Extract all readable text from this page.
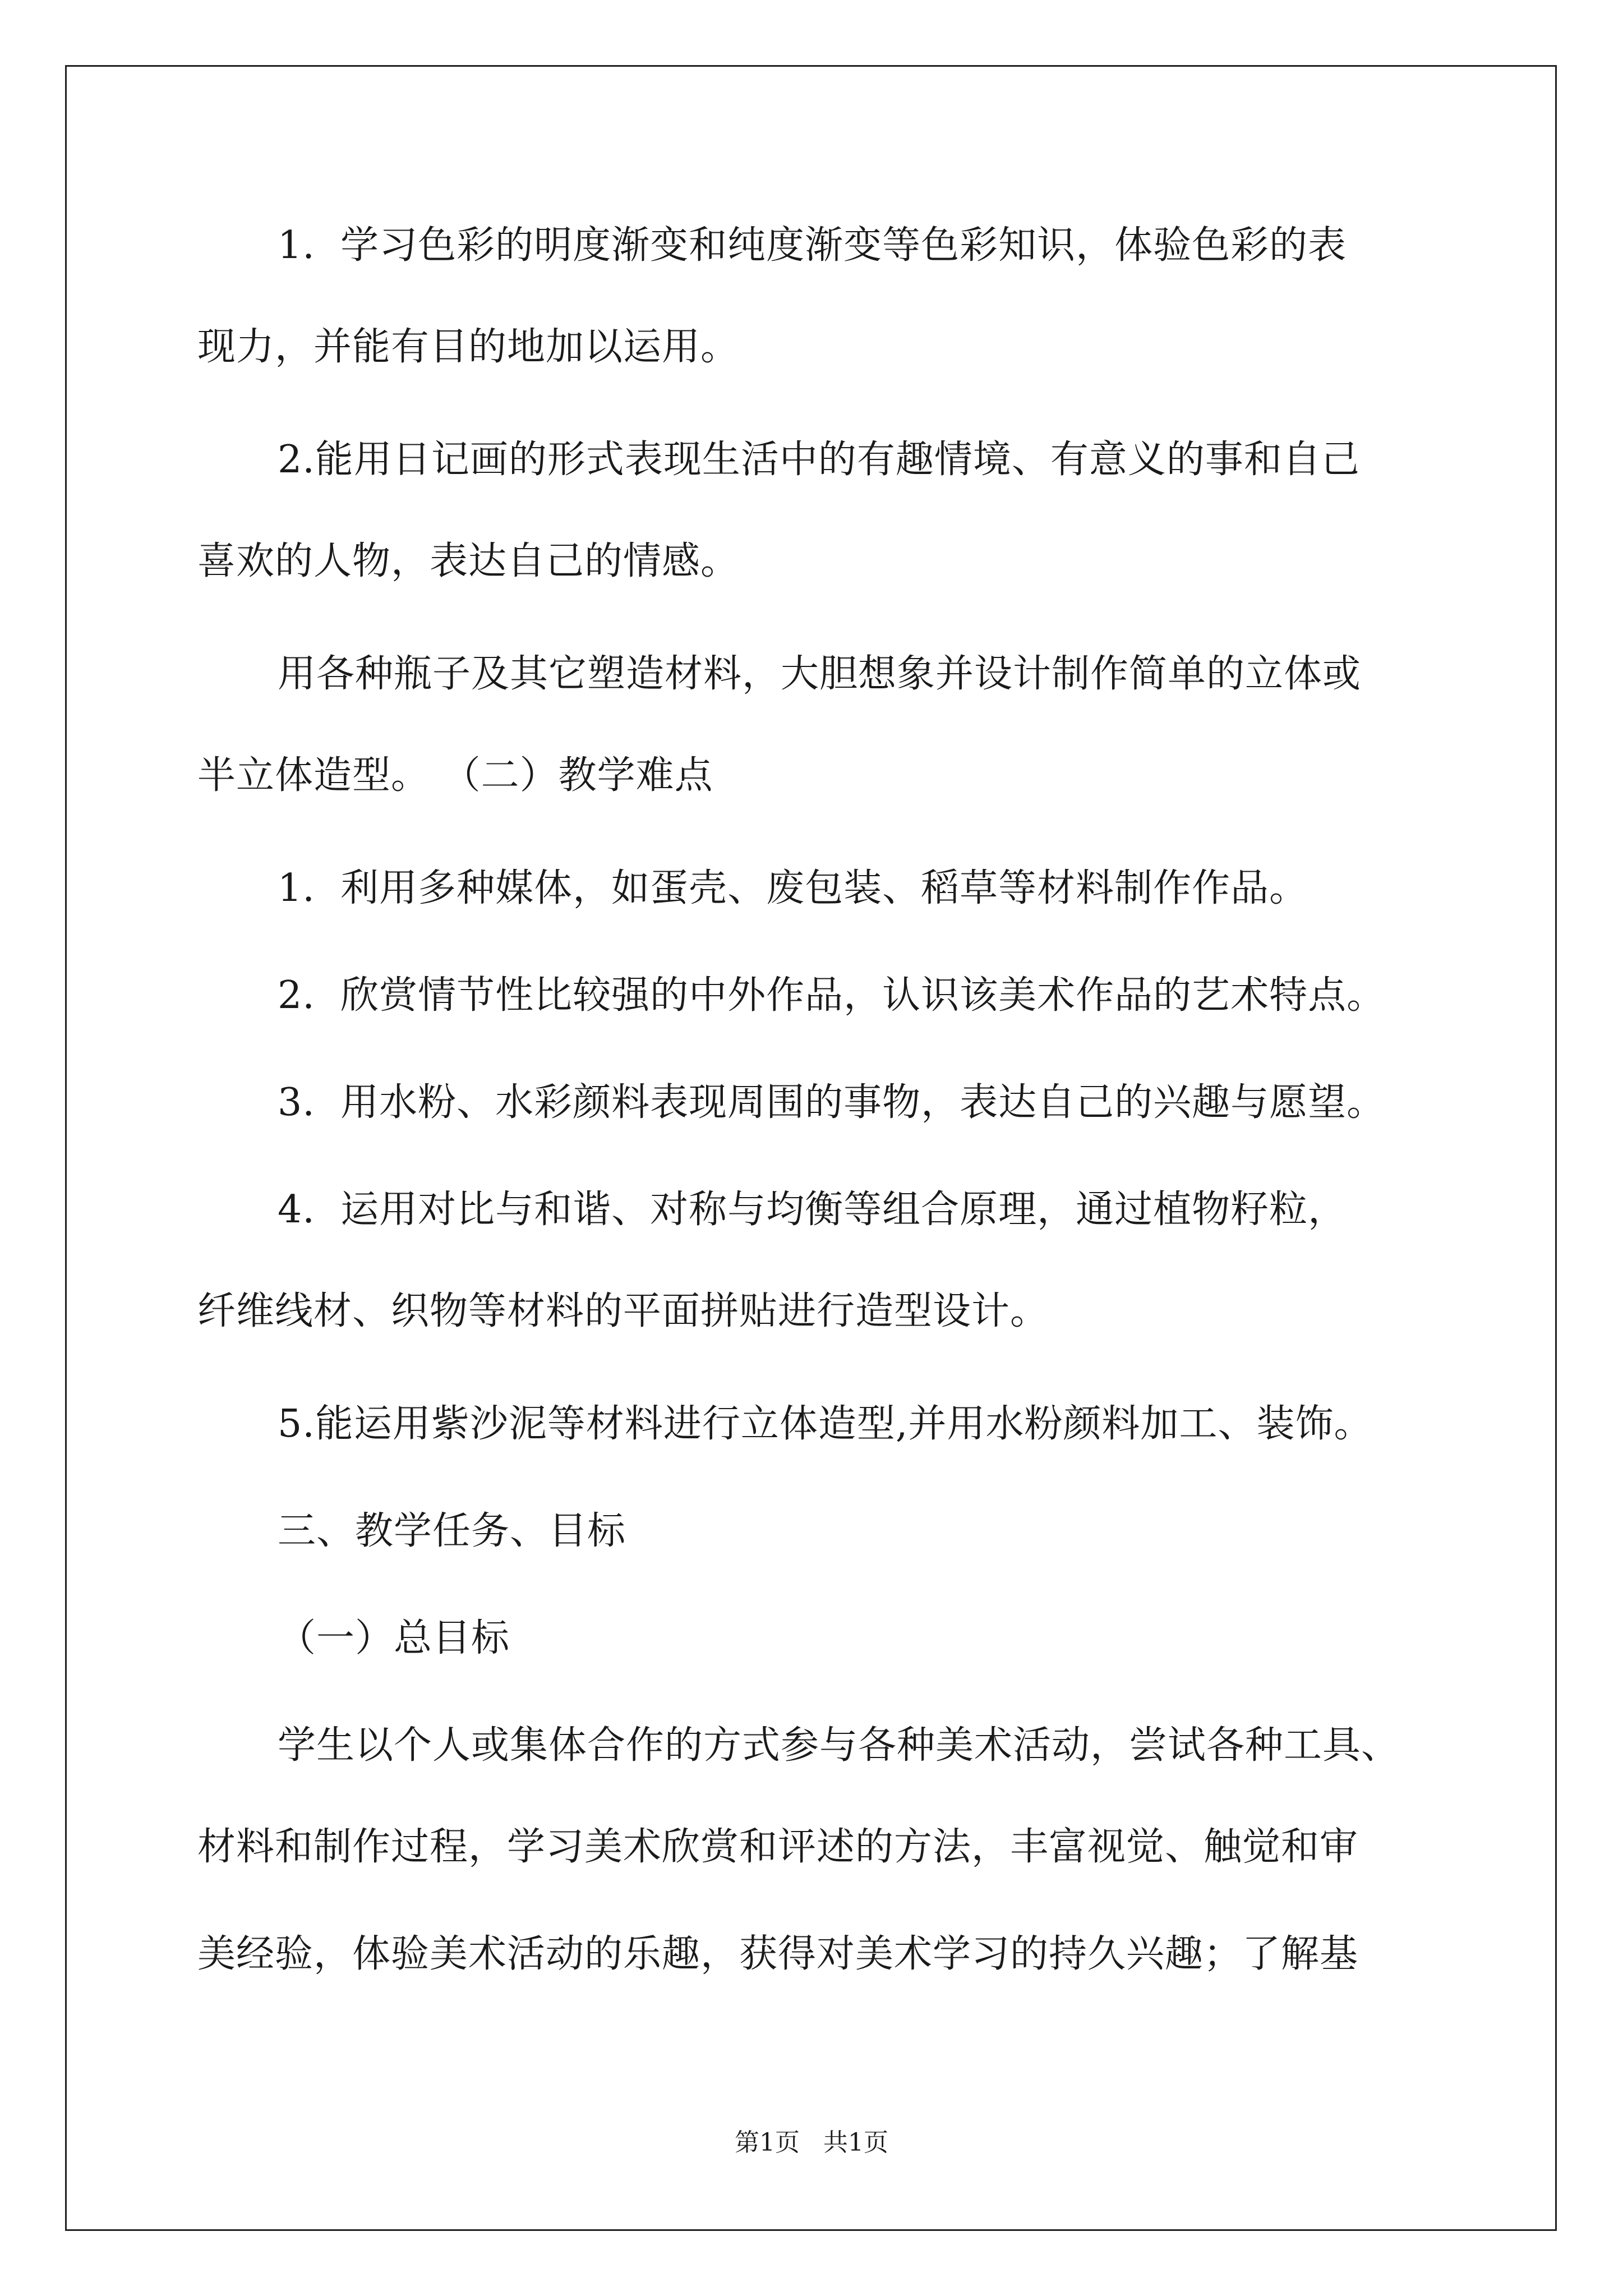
1.  学习色彩的明度渐变和纯度渐变等色彩知识，体验色彩的表
现力，并能有目的地加以运用。
2.能用日记画的形式表现生活中的有趣情境、有意义的事和自己
喜欢的人物，表达自己的情感。
用各种瓶子及其它塑造材料，大胆想象并设计制作简单的立体或
半立体造型。 （二）教学难点
1.  利用多种媒体，如蛋壳、废包装、稻草等材料制作作品。
2.  欣赏情节性比较强的中外作品，认识该美术作品的艺术特点。
3.  用水粉、水彩颜料表现周围的事物，表达自己的兴趣与愿望。
4.  运用对比与和谐、对称与均衡等组合原理，通过植物籽粒，
纤维线材、织物等材料的平面拼贴进行造型设计。
5.能运用紫沙泥等材料进行立体造型,并用水粉颜料加工、装饰。
三、教学任务、目标
（一）总目标
学生以个人或集体合作的方式参与各种美术活动，尝试各种工具、
材料和制作过程，学习美术欣赏和评述的方法，丰富视觉、触觉和审
美经验，体验美术活动的乐趣，获得对美术学习的持久兴趣；了解基
第1页   共1页
